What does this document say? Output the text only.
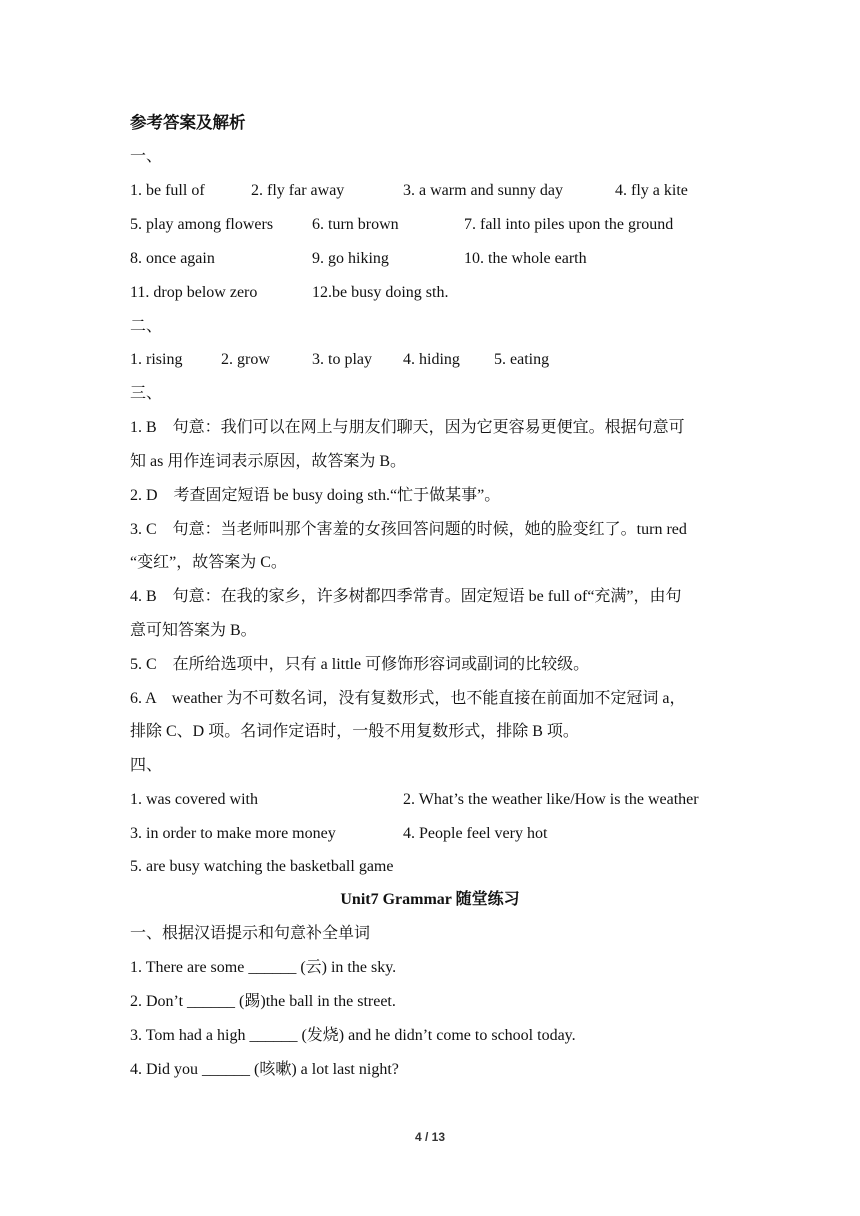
参考答案及解析
一、
1. be full of	2. fly far away	3. a warm and sunny day	4. fly a kite
5. play among flowers 6. turn brown	7. fall into piles upon the ground
8. once again	9. go hiking	10. the whole earth
11. drop below zero	12.be busy doing sth.
二、
1. rising 2. grow	3. to play 4. hiding 5. eating
三、
1. B　句意：我们可以在网上与朋友们聊天，因为它更容易更便宜。根据句意可
知 as 用作连词表示原因，故答案为 B。
2. D　考查固定短语 be busy doing sth.“忙于做某事”。
3. C　句意：当老师叫那个害羞的女孩回答问题的时候，她的脸变红了。turn red
“变红”，故答案为 C。
4. B　句意：在我的家乡，许多树都四季常青。固定短语 be full of“充满”，由句
意可知答案为 B。
5. C　在所给选项中，只有 a little 可修饰形容词或副词的比较级。
6. A　weather 为不可数名词，没有复数形式，也不能直接在前面加不定冠词 a，
排除 C、D 项。名词作定语时，一般不用复数形式，排除 B 项。
四、
1. was covered with	2. What’s the weather like/How is the weather
3. in order to make more money	4. People feel very hot
5. are busy watching the basketball game
Unit7 Grammar 随堂练习
一、根据汉语提示和句意补全单词
1. There are some ______ (云) in the sky.
2. Don’t ______ (踢)the ball in the street.
3. Tom had a high ______ (发烧) and he didn’t come to school today.
4. Did you ______ (咳嗽) a lot last night?
4 / 13
